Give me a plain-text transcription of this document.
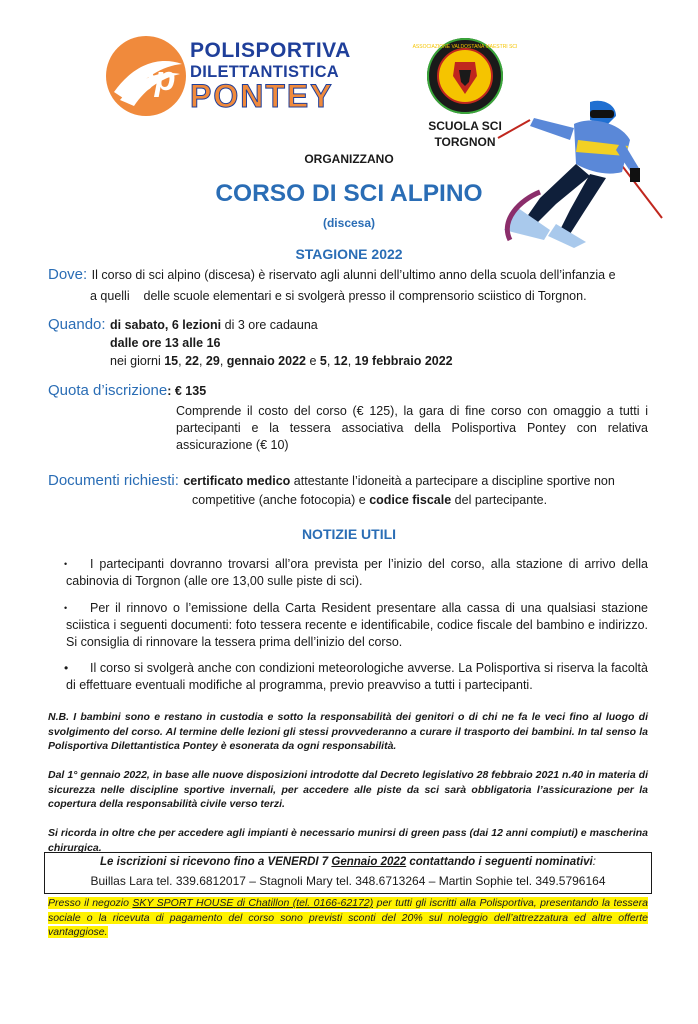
pp
POLISPORTIVA
DILETTANTISTICA
PONTEY
ASSOCIAZIONE VALDOSTANA MAESTRI SCI
SCUOLA SCI
TORGNON
ORGANIZZANO
CORSO DI SCI ALPINO
(discesa)
STAGIONE 2022
Dove: Il corso di sci alpino (discesa) è riservato agli alunni dell’ultimo anno della scuola dell’infanzia e
a quelli    delle scuole elementari e si svolgerà presso il comprensorio sciistico di Torgnon.
Quando: di sabato, 6 lezioni di 3 ore cadauna
dalle ore 13 alle 16
nei giorni 15, 22, 29, gennaio 2022 e 5, 12, 19 febbraio 2022
Quota d’iscrizione: € 135
Comprende il costo del corso (€ 125), la gara di fine corso con omaggio a tutti i partecipanti e la tessera associativa della Polisportiva Pontey con relativa assicurazione (€ 10)
Documenti richiesti: certificato medico attestante l’idoneità a partecipare a discipline sportive non
competitive (anche fotocopia) e codice fiscale del partecipante.
NOTIZIE UTILI
• I partecipanti dovranno trovarsi all’ora prevista per l’inizio del corso, alla stazione di arrivo della cabinovia di Torgnon (alle ore 13,00 sulle piste di sci).
• Per il rinnovo o l’emissione della Carta Resident presentare alla cassa di una qualsiasi stazione sciistica i seguenti documenti: foto tessera recente e identificabile, codice fiscale del bambino e indirizzo. Si consiglia di rinnovare la tessera prima dell’inizio del corso.
• Il corso si svolgerà anche con condizioni meteorologiche avverse. La Polisportiva si riserva la facoltà di effettuare eventuali modifiche al programma, previo preavviso a tutti i partecipanti.
N.B. I bambini sono e restano in custodia e sotto la responsabilità dei genitori o di chi ne fa le veci fino al luogo di svolgimento del corso. Al termine delle lezioni gli stessi provvederanno a curare il trasporto dei bambini. In tal senso la Polisportiva Dilettantistica Pontey è esonerata da ogni responsabilità.
Dal 1° gennaio 2022, in base alle nuove disposizioni introdotte dal Decreto legislativo 28 febbraio 2021 n.40 in materia di sicurezza nelle discipline sportive invernali, per accedere alle piste da sci sarà obbligatoria l’assicurazione per la copertura della responsabilità civile verso terzi.
Si ricorda in oltre che per accedere agli impianti è necessario munirsi di green pass (dai 12 anni compiuti) e mascherina chirurgica.
Le iscrizioni si ricevono fino a VENERDI 7 Gennaio 2022 contattando i seguenti nominativi:
Buillas Lara tel. 339.6812017 – Stagnoli Mary tel. 348.6713264 – Martin Sophie tel. 349.5796164
Presso il negozio SKY SPORT HOUSE di Chatillon (tel. 0166-62172) per tutti gli iscritti alla Polisportiva, presentando la tessera sociale o la ricevuta di pagamento del corso sono previsti sconti del 20% sul noleggio dell’attrezzatura ed altre offerte vantaggiose.
